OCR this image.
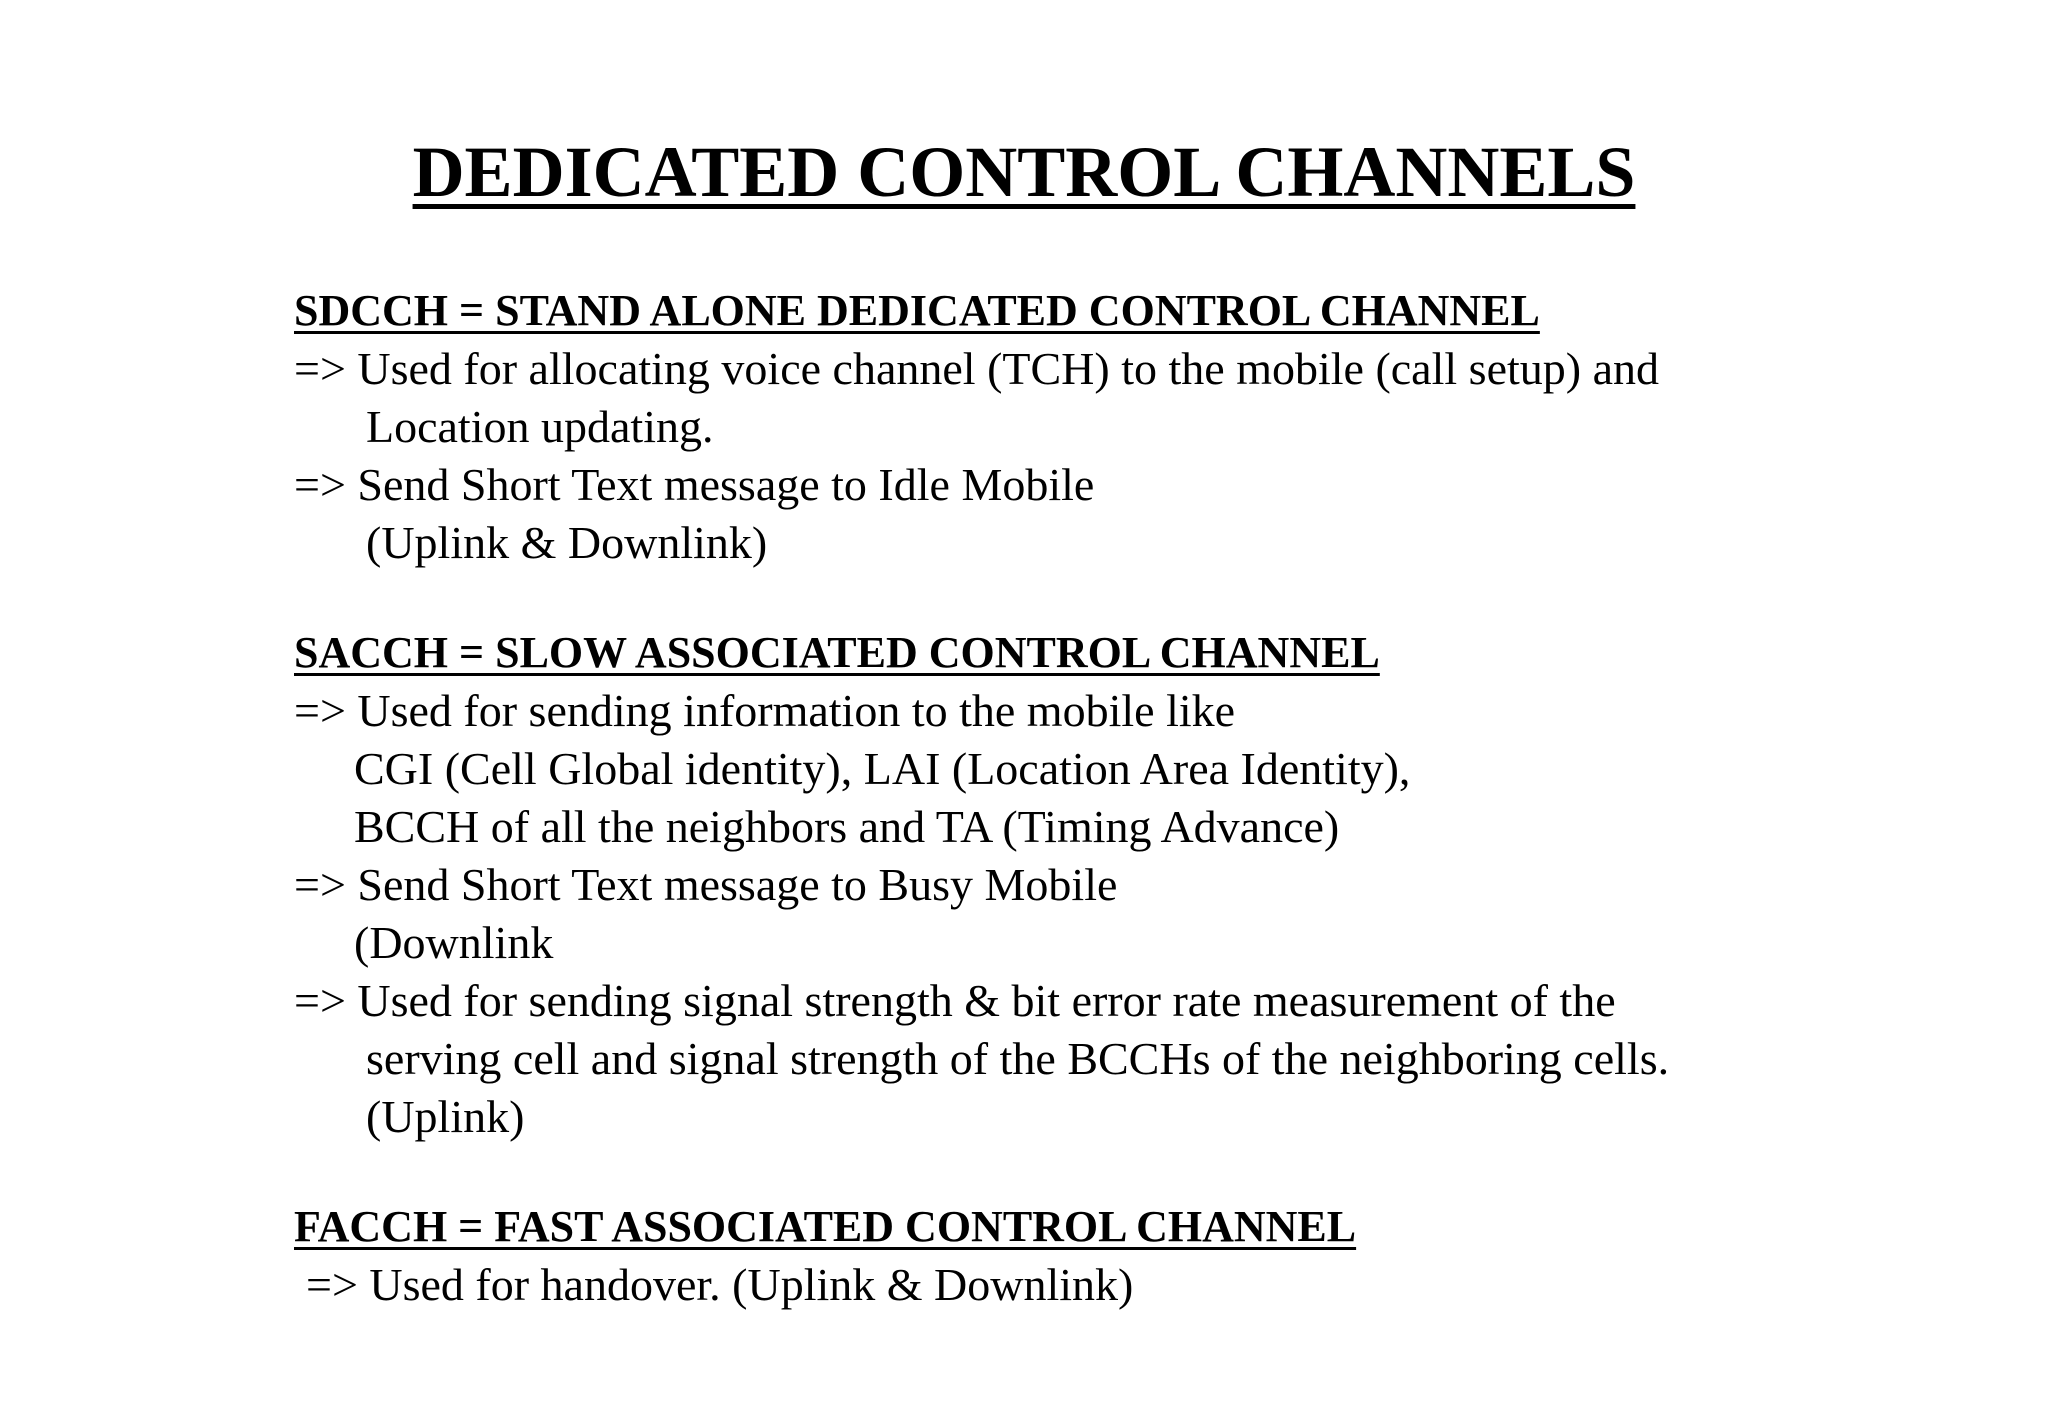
DEDICATED CONTROL CHANNELS
SDCCH = STAND ALONE DEDICATED CONTROL CHANNEL
=> Used for allocating voice channel (TCH) to the mobile (call setup) and
Location updating.
=> Send Short Text message to Idle Mobile
(Uplink & Downlink)
SACCH = SLOW ASSOCIATED CONTROL CHANNEL
=> Used for sending information to the mobile like
CGI (Cell Global identity), LAI (Location Area Identity),
BCCH of all the neighbors and TA (Timing Advance)
=> Send Short Text message to Busy Mobile
(Downlink
=> Used for sending signal strength & bit error rate measurement of the
serving cell and signal strength of the BCCHs of the neighboring cells.
(Uplink)
FACCH = FAST ASSOCIATED CONTROL CHANNEL
=> Used for handover. (Uplink & Downlink)
